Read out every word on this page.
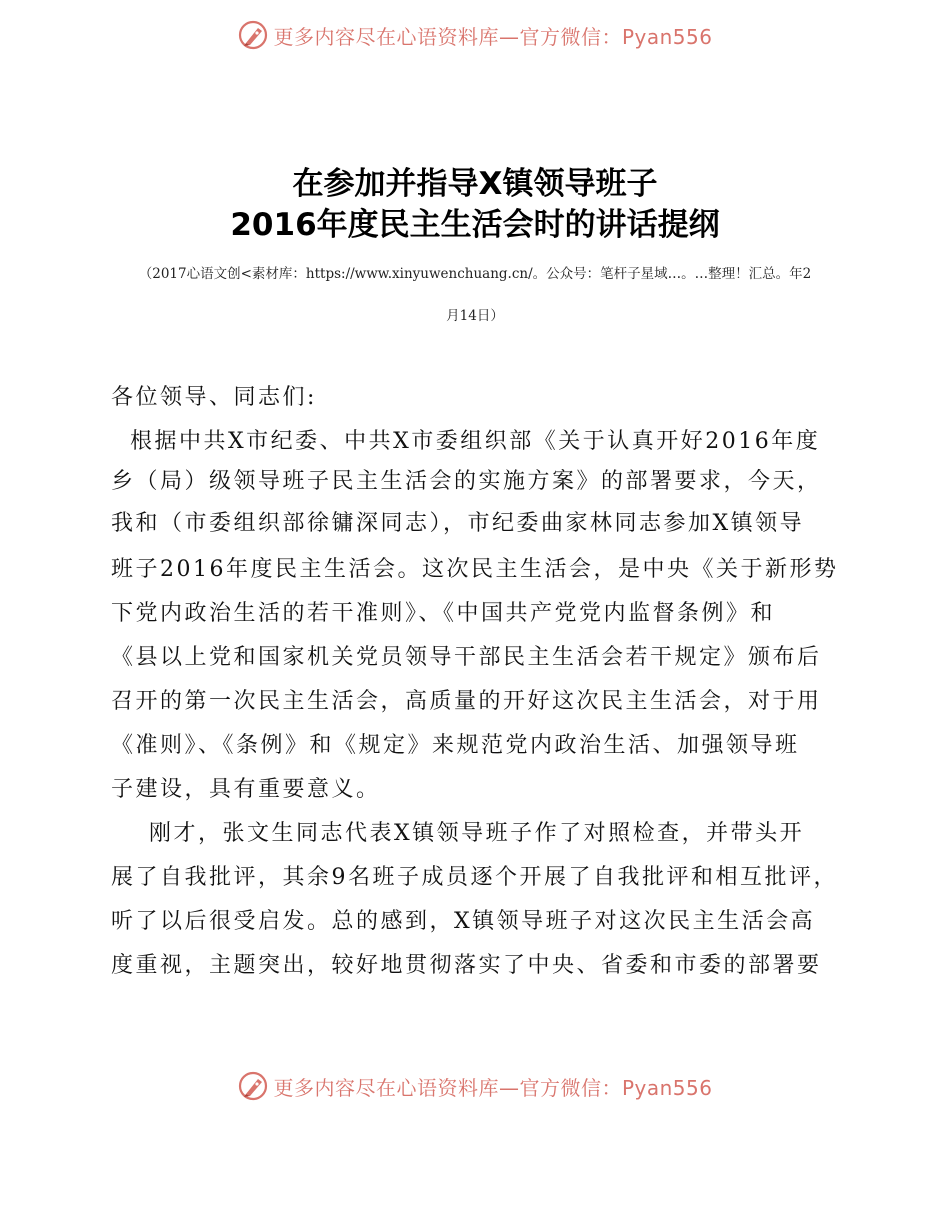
更多内容尽在心语资料库—官方微信：Pyan556
在参加并指导X镇领导班子
2016年度民主生活会时的讲话提纲
（2017心语文创<素材库：https://www.xinyuwenchuang.cn/。公众号：笔杆子星域…。…整理！汇总。年2
月14日）
各位领导、同志们:
根据中共X市纪委、中共X市委组织部《关于认真开好2016年度
乡（局）级领导班子民主生活会的实施方案》的部署要求，今天，
我和（市委组织部徐镛深同志），市纪委曲家林同志参加X镇领导
班子2016年度民主生活会。这次民主生活会，是中央《关于新形势
下党内政治生活的若干准则》、《中国共产党党内监督条例》和
《县以上党和国家机关党员领导干部民主生活会若干规定》颁布后
召开的第一次民主生活会，高质量的开好这次民主生活会，对于用
《准则》、《条例》和《规定》来规范党内政治生活、加强领导班
子建设，具有重要意义。
刚才，张文生同志代表X镇领导班子作了对照检查，并带头开
展了自我批评，其余9名班子成员逐个开展了自我批评和相互批评，
听了以后很受启发。总的感到，X镇领导班子对这次民主生活会高
度重视，主题突出，较好地贯彻落实了中央、省委和市委的部署要
更多内容尽在心语资料库—官方微信：Pyan556
